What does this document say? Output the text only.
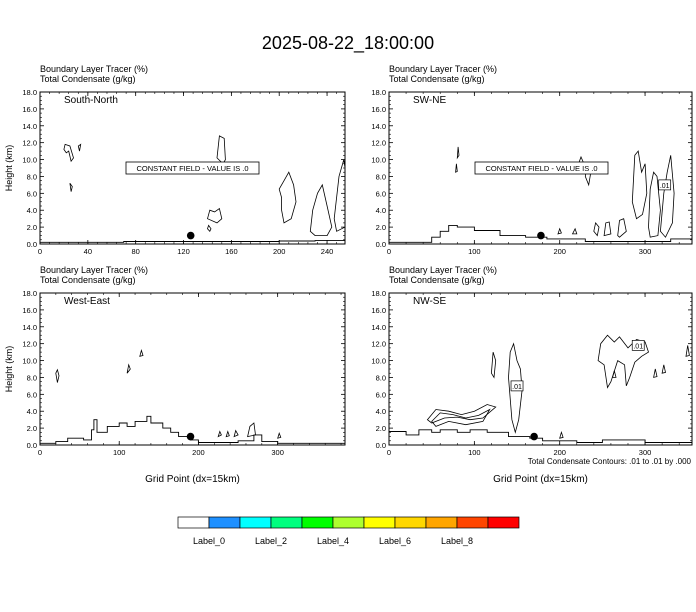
2025-08-22_18:00:00
Boundary Layer Tracer (%)
Total Condensate (g/kg)
0.0
2.0
4.0
6.0
8.0
10.0
12.0
14.0
16.0
18.0
0	40	80	120	160	200	240
South-North
Height (km)	CONSTANT FIELD - VALUE IS .0
Boundary Layer Tracer (%)
Total Condensate (g/kg)
0.0
2.0
4.0
6.0
8.0
10.0
12.0
14.0
16.0
18.0
0	100	200	300
SW-NE
CONSTANT FIELD - VALUE IS .0
.01
Boundary Layer Tracer (%)
Total Condensate (g/kg)
0.0
2.0
4.0
6.0
8.0
10.0
12.0
14.0
16.0
18.0
0	100	200	300
West-East
Height (km)
Grid Point (dx=15km)
Boundary Layer Tracer (%)
Total Condensate (g/kg)
0.0
2.0
4.0
6.0
8.0
10.0
12.0
14.0
16.0
18.0
0	100	200	300
NW-SE
Grid Point (dx=15km)
.01
.01
Total Condensate Contours: .01 to .01 by .000
Label_0	Label_2	Label_4	Label_6	Label_8
